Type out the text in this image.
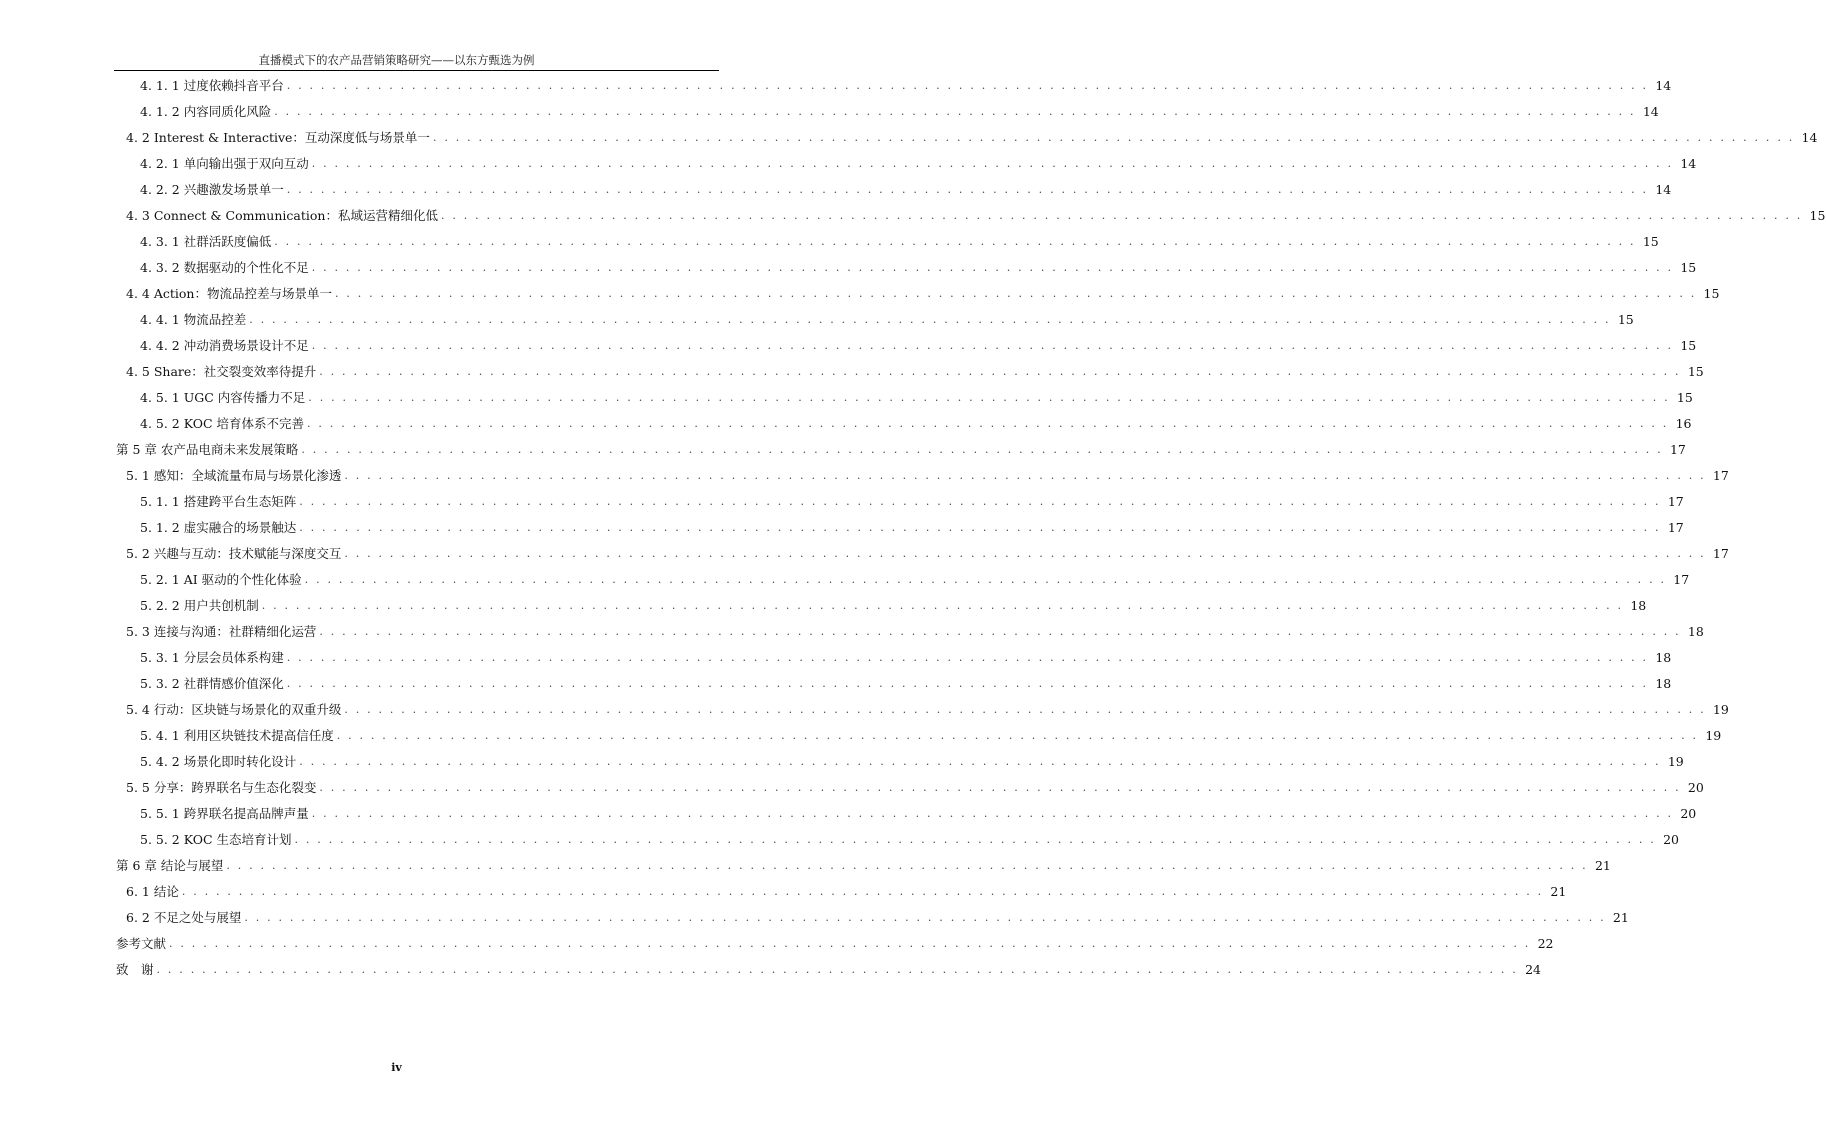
直播模式下的农产品营销策略研究——以东方甄选为例
4. 1. 1 过度依赖抖音平台 . . . . . . . . . . . . . . . . . . . . . . . . . . . . . . . . . . . . . . . . . . . . . . . . . . . . . . . . . . . . . . . . . . . . . . . . . . . . . . . . . . . . . . . . . . . . . . . . . . . . . . . . . . . . . . . . . . . . . . . . 14
4. 1. 2 内容同质化风险 . . . . . . . . . . . . . . . . . . . . . . . . . . . . . . . . . . . . . . . . . . . . . . . . . . . . . . . . . . . . . . . . . . . . . . . . . . . . . . . . . . . . . . . . . . . . . . . . . . . . . . . . . . . . . . . . . . . . . . . . 14
4. 2 Interest & Interactive：互动深度低与场景单一 . . . . . . . . . . . . . . . . . . . . . . . . . . . . . . . . . . . . . . . . . . . . . . . . . . . . . . . . . . . . . . . . . . . . . . . . . . . . . . . . . . . . . . . . . . . . . . . . . . . . . . . . . . . . . . . . . . . . . . . . 14
4. 2. 1 单向输出强于双向互动 . . . . . . . . . . . . . . . . . . . . . . . . . . . . . . . . . . . . . . . . . . . . . . . . . . . . . . . . . . . . . . . . . . . . . . . . . . . . . . . . . . . . . . . . . . . . . . . . . . . . . . . . . . . . . . . . . . . . . . . . 14
4. 2. 2 兴趣激发场景单一 . . . . . . . . . . . . . . . . . . . . . . . . . . . . . . . . . . . . . . . . . . . . . . . . . . . . . . . . . . . . . . . . . . . . . . . . . . . . . . . . . . . . . . . . . . . . . . . . . . . . . . . . . . . . . . . . . . . . . . . . 14
4. 3 Connect & Communication：私域运营精细化低 . . . . . . . . . . . . . . . . . . . . . . . . . . . . . . . . . . . . . . . . . . . . . . . . . . . . . . . . . . . . . . . . . . . . . . . . . . . . . . . . . . . . . . . . . . . . . . . . . . . . . . . . . . . . . . . . . . . . . . . . 15
4. 3. 1 社群活跃度偏低 . . . . . . . . . . . . . . . . . . . . . . . . . . . . . . . . . . . . . . . . . . . . . . . . . . . . . . . . . . . . . . . . . . . . . . . . . . . . . . . . . . . . . . . . . . . . . . . . . . . . . . . . . . . . . . . . . . . . . . . . 15
4. 3. 2 数据驱动的个性化不足 . . . . . . . . . . . . . . . . . . . . . . . . . . . . . . . . . . . . . . . . . . . . . . . . . . . . . . . . . . . . . . . . . . . . . . . . . . . . . . . . . . . . . . . . . . . . . . . . . . . . . . . . . . . . . . . . . . . . . . . . 15
4. 4 Action：物流品控差与场景单一 . . . . . . . . . . . . . . . . . . . . . . . . . . . . . . . . . . . . . . . . . . . . . . . . . . . . . . . . . . . . . . . . . . . . . . . . . . . . . . . . . . . . . . . . . . . . . . . . . . . . . . . . . . . . . . . . . . . . . . . . 15
4. 4. 1 物流品控差 . . . . . . . . . . . . . . . . . . . . . . . . . . . . . . . . . . . . . . . . . . . . . . . . . . . . . . . . . . . . . . . . . . . . . . . . . . . . . . . . . . . . . . . . . . . . . . . . . . . . . . . . . . . . . . . . . . . . . . . . 15
4. 4. 2 冲动消费场景设计不足 . . . . . . . . . . . . . . . . . . . . . . . . . . . . . . . . . . . . . . . . . . . . . . . . . . . . . . . . . . . . . . . . . . . . . . . . . . . . . . . . . . . . . . . . . . . . . . . . . . . . . . . . . . . . . . . . . . . . . . . . 15
4. 5 Share：社交裂变效率待提升 . . . . . . . . . . . . . . . . . . . . . . . . . . . . . . . . . . . . . . . . . . . . . . . . . . . . . . . . . . . . . . . . . . . . . . . . . . . . . . . . . . . . . . . . . . . . . . . . . . . . . . . . . . . . . . . . . . . . . . . . 15
4. 5. 1 UGC 内容传播力不足 . . . . . . . . . . . . . . . . . . . . . . . . . . . . . . . . . . . . . . . . . . . . . . . . . . . . . . . . . . . . . . . . . . . . . . . . . . . . . . . . . . . . . . . . . . . . . . . . . . . . . . . . . . . . . . . . . . . . . . . . 15
4. 5. 2 KOC 培育体系不完善 . . . . . . . . . . . . . . . . . . . . . . . . . . . . . . . . . . . . . . . . . . . . . . . . . . . . . . . . . . . . . . . . . . . . . . . . . . . . . . . . . . . . . . . . . . . . . . . . . . . . . . . . . . . . . . . . . . . . . . . . 16
第 5 章 农产品电商未来发展策略 . . . . . . . . . . . . . . . . . . . . . . . . . . . . . . . . . . . . . . . . . . . . . . . . . . . . . . . . . . . . . . . . . . . . . . . . . . . . . . . . . . . . . . . . . . . . . . . . . . . . . . . . . . . . . . . . . . . . . . . . 17
5. 1 感知：全域流量布局与场景化渗透 . . . . . . . . . . . . . . . . . . . . . . . . . . . . . . . . . . . . . . . . . . . . . . . . . . . . . . . . . . . . . . . . . . . . . . . . . . . . . . . . . . . . . . . . . . . . . . . . . . . . . . . . . . . . . . . . . . . . . . . . 17
5. 1. 1 搭建跨平台生态矩阵 . . . . . . . . . . . . . . . . . . . . . . . . . . . . . . . . . . . . . . . . . . . . . . . . . . . . . . . . . . . . . . . . . . . . . . . . . . . . . . . . . . . . . . . . . . . . . . . . . . . . . . . . . . . . . . . . . . . . . . . . 17
5. 1. 2 虚实融合的场景触达 . . . . . . . . . . . . . . . . . . . . . . . . . . . . . . . . . . . . . . . . . . . . . . . . . . . . . . . . . . . . . . . . . . . . . . . . . . . . . . . . . . . . . . . . . . . . . . . . . . . . . . . . . . . . . . . . . . . . . . . . 17
5. 2 兴趣与互动：技术赋能与深度交互 . . . . . . . . . . . . . . . . . . . . . . . . . . . . . . . . . . . . . . . . . . . . . . . . . . . . . . . . . . . . . . . . . . . . . . . . . . . . . . . . . . . . . . . . . . . . . . . . . . . . . . . . . . . . . . . . . . . . . . . . 17
5. 2. 1 AI 驱动的个性化体验 . . . . . . . . . . . . . . . . . . . . . . . . . . . . . . . . . . . . . . . . . . . . . . . . . . . . . . . . . . . . . . . . . . . . . . . . . . . . . . . . . . . . . . . . . . . . . . . . . . . . . . . . . . . . . . . . . . . . . . . . 17
5. 2. 2 用户共创机制 . . . . . . . . . . . . . . . . . . . . . . . . . . . . . . . . . . . . . . . . . . . . . . . . . . . . . . . . . . . . . . . . . . . . . . . . . . . . . . . . . . . . . . . . . . . . . . . . . . . . . . . . . . . . . . . . . . . . . . . . 18
5. 3 连接与沟通：社群精细化运营 . . . . . . . . . . . . . . . . . . . . . . . . . . . . . . . . . . . . . . . . . . . . . . . . . . . . . . . . . . . . . . . . . . . . . . . . . . . . . . . . . . . . . . . . . . . . . . . . . . . . . . . . . . . . . . . . . . . . . . . . 18
5. 3. 1 分层会员体系构建 . . . . . . . . . . . . . . . . . . . . . . . . . . . . . . . . . . . . . . . . . . . . . . . . . . . . . . . . . . . . . . . . . . . . . . . . . . . . . . . . . . . . . . . . . . . . . . . . . . . . . . . . . . . . . . . . . . . . . . . . 18
5. 3. 2 社群情感价值深化 . . . . . . . . . . . . . . . . . . . . . . . . . . . . . . . . . . . . . . . . . . . . . . . . . . . . . . . . . . . . . . . . . . . . . . . . . . . . . . . . . . . . . . . . . . . . . . . . . . . . . . . . . . . . . . . . . . . . . . . . 18
5. 4 行动：区块链与场景化的双重升级 . . . . . . . . . . . . . . . . . . . . . . . . . . . . . . . . . . . . . . . . . . . . . . . . . . . . . . . . . . . . . . . . . . . . . . . . . . . . . . . . . . . . . . . . . . . . . . . . . . . . . . . . . . . . . . . . . . . . . . . . 19
5. 4. 1 利用区块链技术提高信任度 . . . . . . . . . . . . . . . . . . . . . . . . . . . . . . . . . . . . . . . . . . . . . . . . . . . . . . . . . . . . . . . . . . . . . . . . . . . . . . . . . . . . . . . . . . . . . . . . . . . . . . . . . . . . . . . . . . . . . . . . 19
5. 4. 2 场景化即时转化设计 . . . . . . . . . . . . . . . . . . . . . . . . . . . . . . . . . . . . . . . . . . . . . . . . . . . . . . . . . . . . . . . . . . . . . . . . . . . . . . . . . . . . . . . . . . . . . . . . . . . . . . . . . . . . . . . . . . . . . . . . 19
5. 5 分享：跨界联名与生态化裂变 . . . . . . . . . . . . . . . . . . . . . . . . . . . . . . . . . . . . . . . . . . . . . . . . . . . . . . . . . . . . . . . . . . . . . . . . . . . . . . . . . . . . . . . . . . . . . . . . . . . . . . . . . . . . . . . . . . . . . . . . 20
5. 5. 1 跨界联名提高品牌声量 . . . . . . . . . . . . . . . . . . . . . . . . . . . . . . . . . . . . . . . . . . . . . . . . . . . . . . . . . . . . . . . . . . . . . . . . . . . . . . . . . . . . . . . . . . . . . . . . . . . . . . . . . . . . . . . . . . . . . . . . 20
5. 5. 2 KOC 生态培育计划 . . . . . . . . . . . . . . . . . . . . . . . . . . . . . . . . . . . . . . . . . . . . . . . . . . . . . . . . . . . . . . . . . . . . . . . . . . . . . . . . . . . . . . . . . . . . . . . . . . . . . . . . . . . . . . . . . . . . . . . . 20
第 6 章 结论与展望 . . . . . . . . . . . . . . . . . . . . . . . . . . . . . . . . . . . . . . . . . . . . . . . . . . . . . . . . . . . . . . . . . . . . . . . . . . . . . . . . . . . . . . . . . . . . . . . . . . . . . . . . . . . . . . . . . . . . . . . . 21
6. 1 结论 . . . . . . . . . . . . . . . . . . . . . . . . . . . . . . . . . . . . . . . . . . . . . . . . . . . . . . . . . . . . . . . . . . . . . . . . . . . . . . . . . . . . . . . . . . . . . . . . . . . . . . . . . . . . . . . . . . . . . . . . 21
6. 2 不足之处与展望 . . . . . . . . . . . . . . . . . . . . . . . . . . . . . . . . . . . . . . . . . . . . . . . . . . . . . . . . . . . . . . . . . . . . . . . . . . . . . . . . . . . . . . . . . . . . . . . . . . . . . . . . . . . . . . . . . . . . . . . . 21
参考文献 . . . . . . . . . . . . . . . . . . . . . . . . . . . . . . . . . . . . . . . . . . . . . . . . . . . . . . . . . . . . . . . . . . . . . . . . . . . . . . . . . . . . . . . . . . . . . . . . . . . . . . . . . . . . . . . . . . . . . . . . 22
致　谢 . . . . . . . . . . . . . . . . . . . . . . . . . . . . . . . . . . . . . . . . . . . . . . . . . . . . . . . . . . . . . . . . . . . . . . . . . . . . . . . . . . . . . . . . . . . . . . . . . . . . . . . . . . . . . . . . . . . . . . . . 24
iv
